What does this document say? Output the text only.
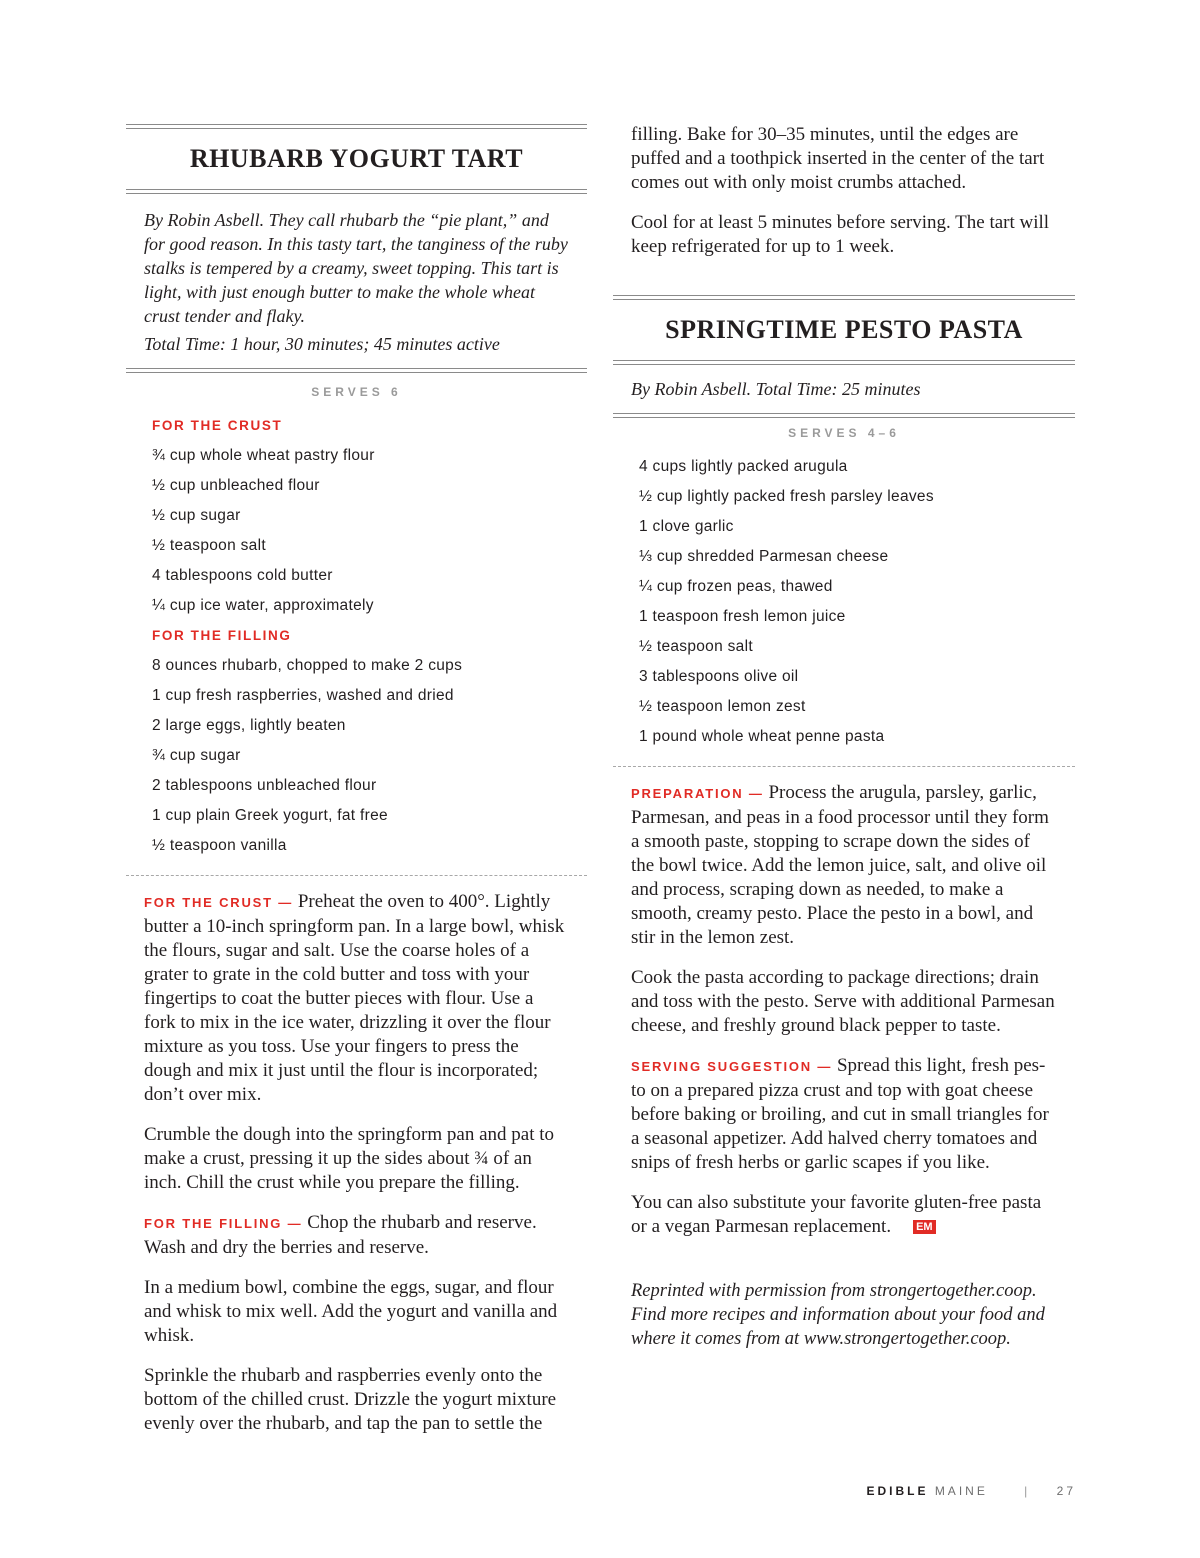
RHUBARB YOGURT TART
By Robin Asbell. They call rhubarb the “pie plant,” and for good reason. In this tasty tart, the tanginess of the ruby stalks is tempered by a creamy, sweet topping. This tart is light, with just enough butter to make the whole wheat crust tender and flaky.
Total Time: 1 hour, 30 minutes; 45 minutes active
SERVES 6
FOR THE CRUST
¾ cup whole wheat pastry flour
½ cup unbleached flour
½ cup sugar
½ teaspoon salt
4 tablespoons cold butter
¼ cup ice water, approximately
FOR THE FILLING
8 ounces rhubarb, chopped to make 2 cups
1 cup fresh raspberries, washed and dried
2 large eggs, lightly beaten
¾ cup sugar
2 tablespoons unbleached flour
1 cup plain Greek yogurt, fat free
½ teaspoon vanilla

FOR THE CRUST — Preheat the oven to 400°. Lightly butter a 10-inch springform pan. In a large bowl, whisk the flours, sugar and salt. Use the coarse holes of a grater to grate in the cold butter and toss with your fingertips to coat the butter pieces with flour. Use a fork to mix in the ice water, drizzling it over the flour mixture as you toss. Use your fingers to press the dough and mix it just until the flour is incorporated; don’t over mix.

Crumble the dough into the springform pan and pat to make a crust, pressing it up the sides about ¾ of an inch. Chill the crust while you prepare the filling.

FOR THE FILLING — Chop the rhubarb and reserve. Wash and dry the berries and reserve.

In a medium bowl, combine the eggs, sugar, and flour and whisk to mix well. Add the yogurt and vanilla and whisk.

Sprinkle the rhubarb and raspberries evenly onto the bottom of the chilled crust. Drizzle the yogurt mixture evenly over the rhubarb, and tap the pan to settle the

filling. Bake for 30–35 minutes, until the edges are puffed and a toothpick inserted in the center of the tart comes out with only moist crumbs attached.

Cool for at least 5 minutes before serving. The tart will keep refrigerated for up to 1 week.

SPRINGTIME PESTO PASTA
By Robin Asbell. Total Time: 25 minutes
SERVES 4–6
4 cups lightly packed arugula
½ cup lightly packed fresh parsley leaves
1 clove garlic
⅓ cup shredded Parmesan cheese
¼ cup frozen peas, thawed
1 teaspoon fresh lemon juice
½ teaspoon salt
3 tablespoons olive oil
½ teaspoon lemon zest
1 pound whole wheat penne pasta

PREPARATION — Process the arugula, parsley, garlic, Parmesan, and peas in a food processor until they form a smooth paste, stopping to scrape down the sides of the bowl twice. Add the lemon juice, salt, and olive oil and process, scraping down as needed, to make a smooth, creamy pesto. Place the pesto in a bowl, and stir in the lemon zest.

Cook the pasta according to package directions; drain and toss with the pesto. Serve with additional Parmesan cheese, and freshly ground black pepper to taste.

SERVING SUGGESTION — Spread this light, fresh pes-to on a prepared pizza crust and top with goat cheese before baking or broiling, and cut in small triangles for a seasonal appetizer. Add halved cherry tomatoes and snips of fresh herbs or garlic scapes if you like.

You can also substitute your favorite gluten-free pasta or a vegan Parmesan replacement. EM

Reprinted with permission from strongertogether.coop. Find more recipes and information about your food and where it comes from at www.strongertogether.coop.

EDIBLE MAINE	| 27
